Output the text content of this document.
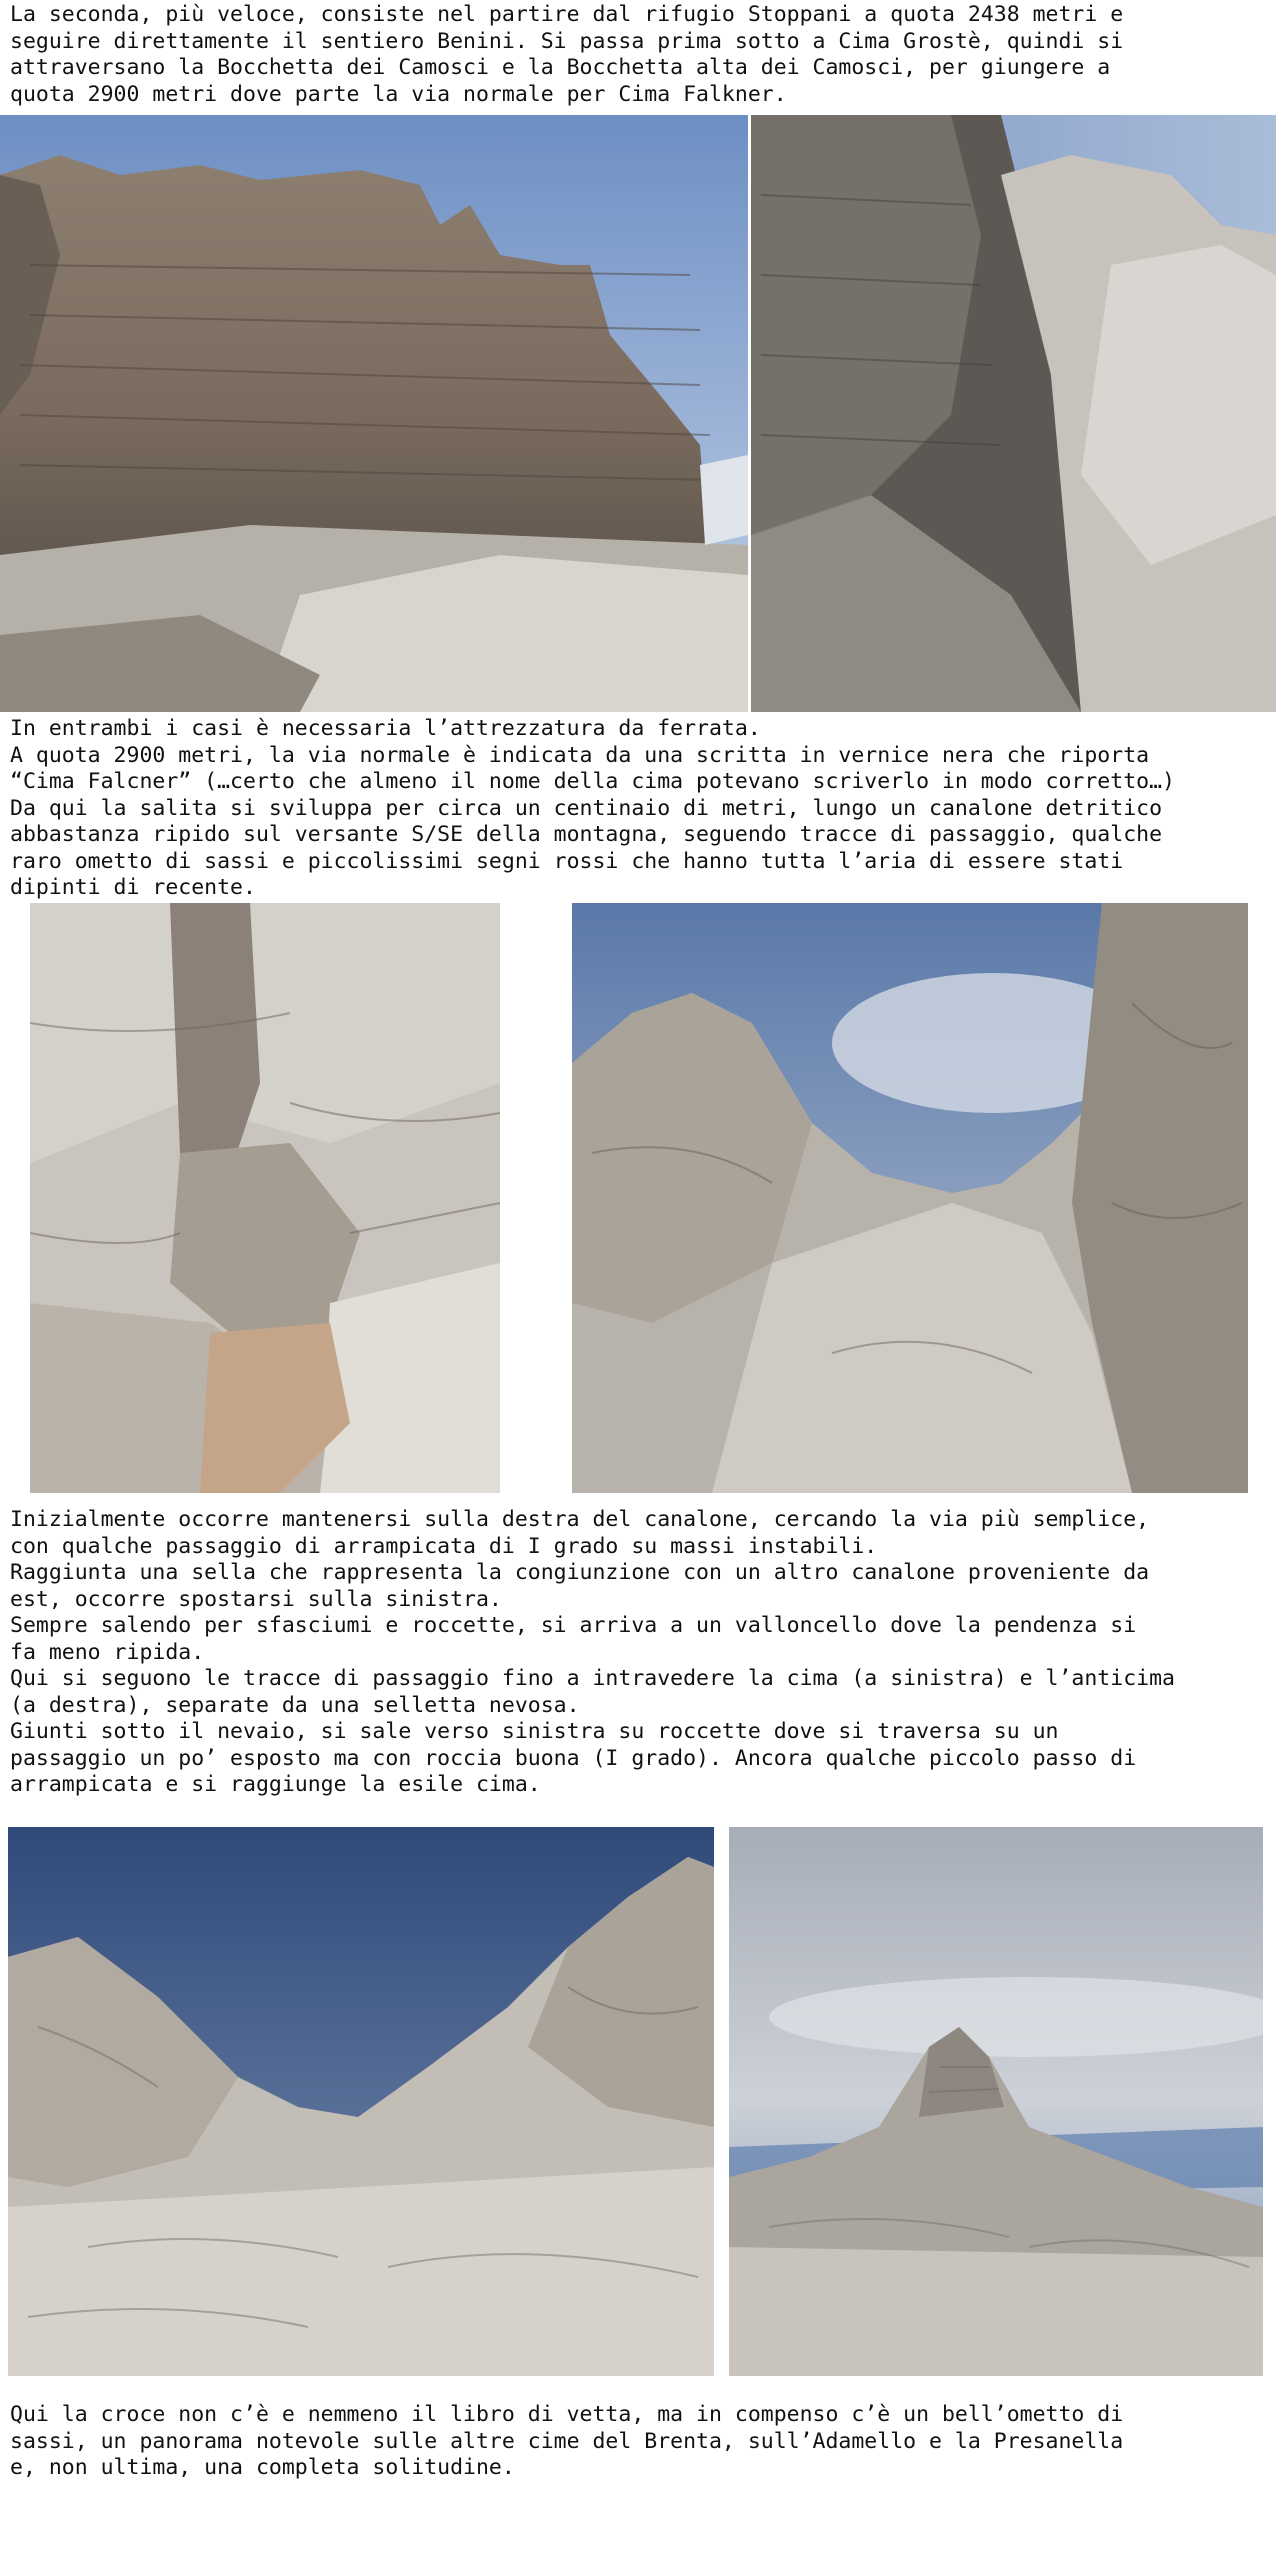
La seconda, più veloce, consiste nel partire dal rifugio Stoppani a quota 2438 metri e
seguire direttamente il sentiero Benini. Si passa prima sotto a Cima Grostè, quindi si
attraversano la Bocchetta dei Camosci e la Bocchetta alta dei Camosci, per giungere a
quota 2900 metri dove parte la via normale per Cima Falkner.
In entrambi i casi è necessaria l’attrezzatura da ferrata.
A quota 2900 metri, la via normale è indicata da una scritta in vernice nera che riporta
“Cima Falcner” (…certo che almeno il nome della cima potevano scriverlo in modo corretto…)
Da qui la salita si sviluppa per circa un centinaio di metri, lungo un canalone detritico
abbastanza ripido sul versante S/SE della montagna, seguendo tracce di passaggio, qualche
raro ometto di sassi e piccolissimi segni rossi che hanno tutta l’aria di essere stati
dipinti di recente.
Inizialmente occorre mantenersi sulla destra del canalone, cercando la via più semplice,
con qualche passaggio di arrampicata di I grado su massi instabili.
Raggiunta una sella che rappresenta la congiunzione con un altro canalone proveniente da
est, occorre spostarsi sulla sinistra.
Sempre salendo per sfasciumi e roccette, si arriva a un valloncello dove la pendenza si
fa meno ripida.
Qui si seguono le tracce di passaggio fino a intravedere la cima (a sinistra) e l’anticima
(a destra), separate da una selletta nevosa.
Giunti sotto il nevaio, si sale verso sinistra su roccette dove si traversa su un
passaggio un po’ esposto ma con roccia buona (I grado). Ancora qualche piccolo passo di
arrampicata e si raggiunge la esile cima.
Qui la croce non c’è e nemmeno il libro di vetta, ma in compenso c’è un bell’ometto di
sassi, un panorama notevole sulle altre cime del Brenta, sull’Adamello e la Presanella
e, non ultima, una completa solitudine.
